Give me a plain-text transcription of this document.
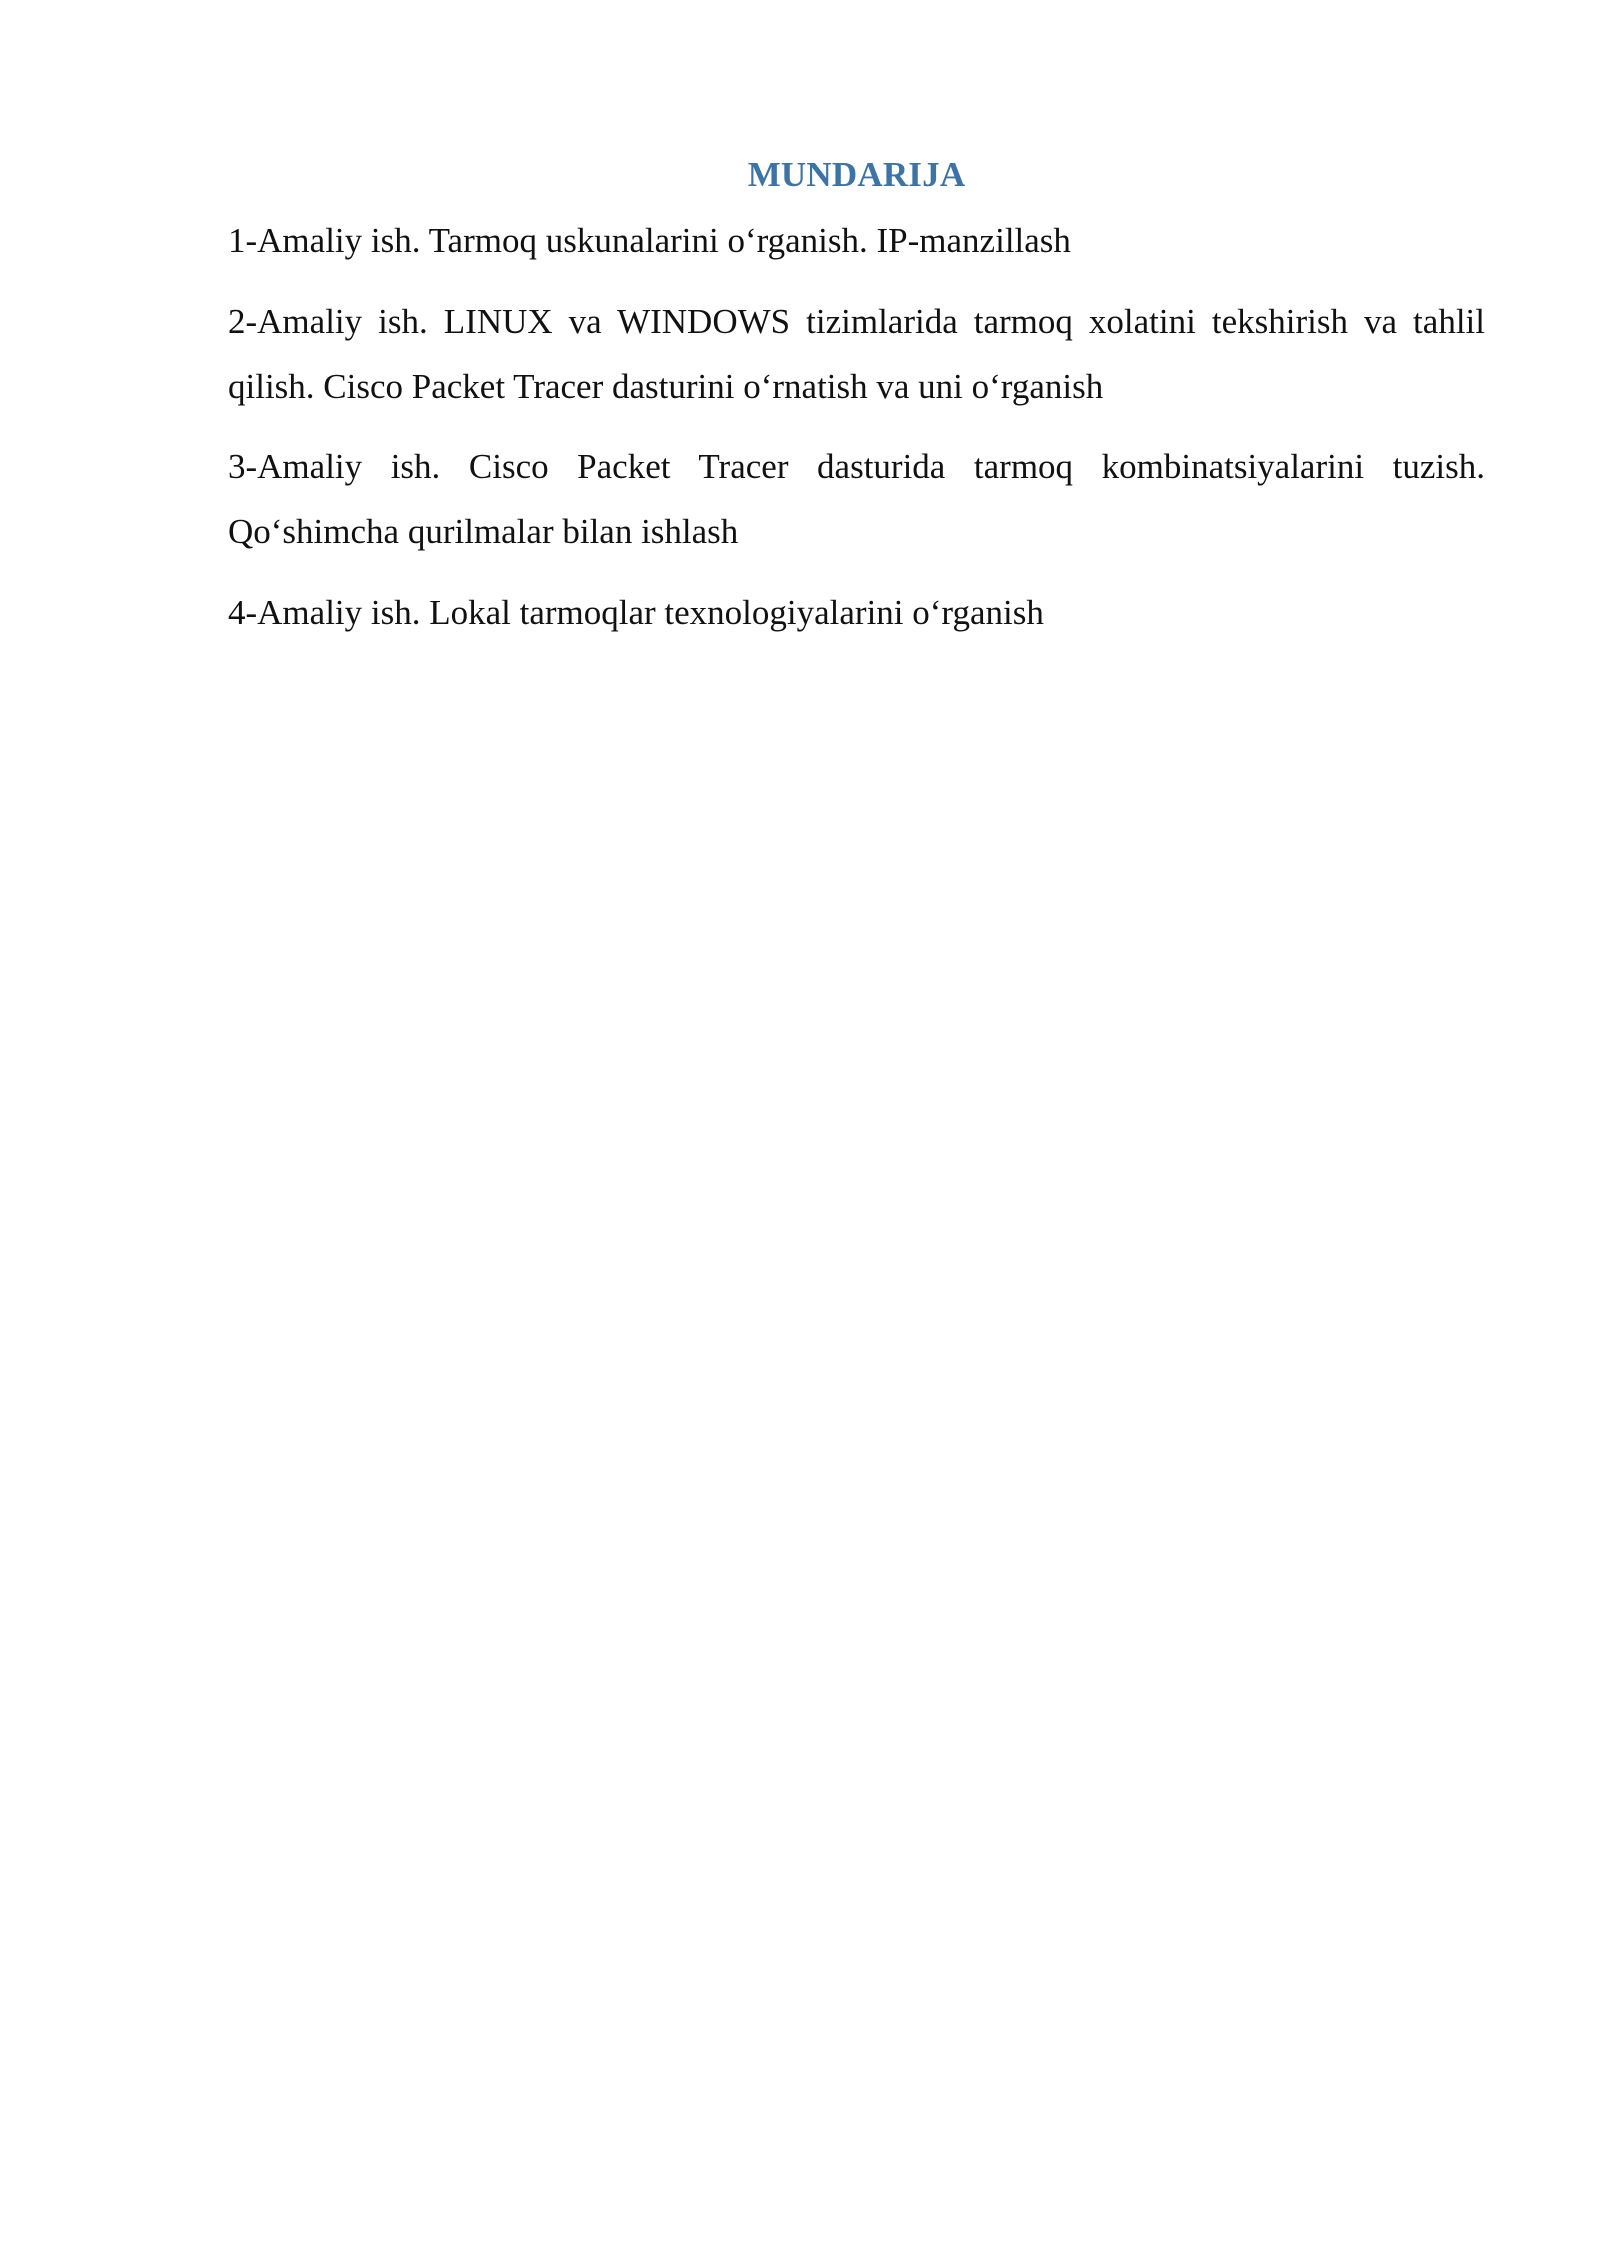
MUNDARIJA
1-Amaliy ish. Tarmoq uskunalarini o‘rganish. IP-manzillash
2-Amaliy ish. LINUX va WINDOWS tizimlarida tarmoq xolatini tekshirish va tahlil qilish. Cisco Packet Tracer dasturini o‘rnatish va uni o‘rganish
3-Amaliy ish. Cisco Packet Tracer dasturida tarmoq kombinatsiyalarini tuzish. Qo‘shimcha qurilmalar bilan ishlash
4-Amaliy ish. Lokal tarmoqlar texnologiyalarini o‘rganish
